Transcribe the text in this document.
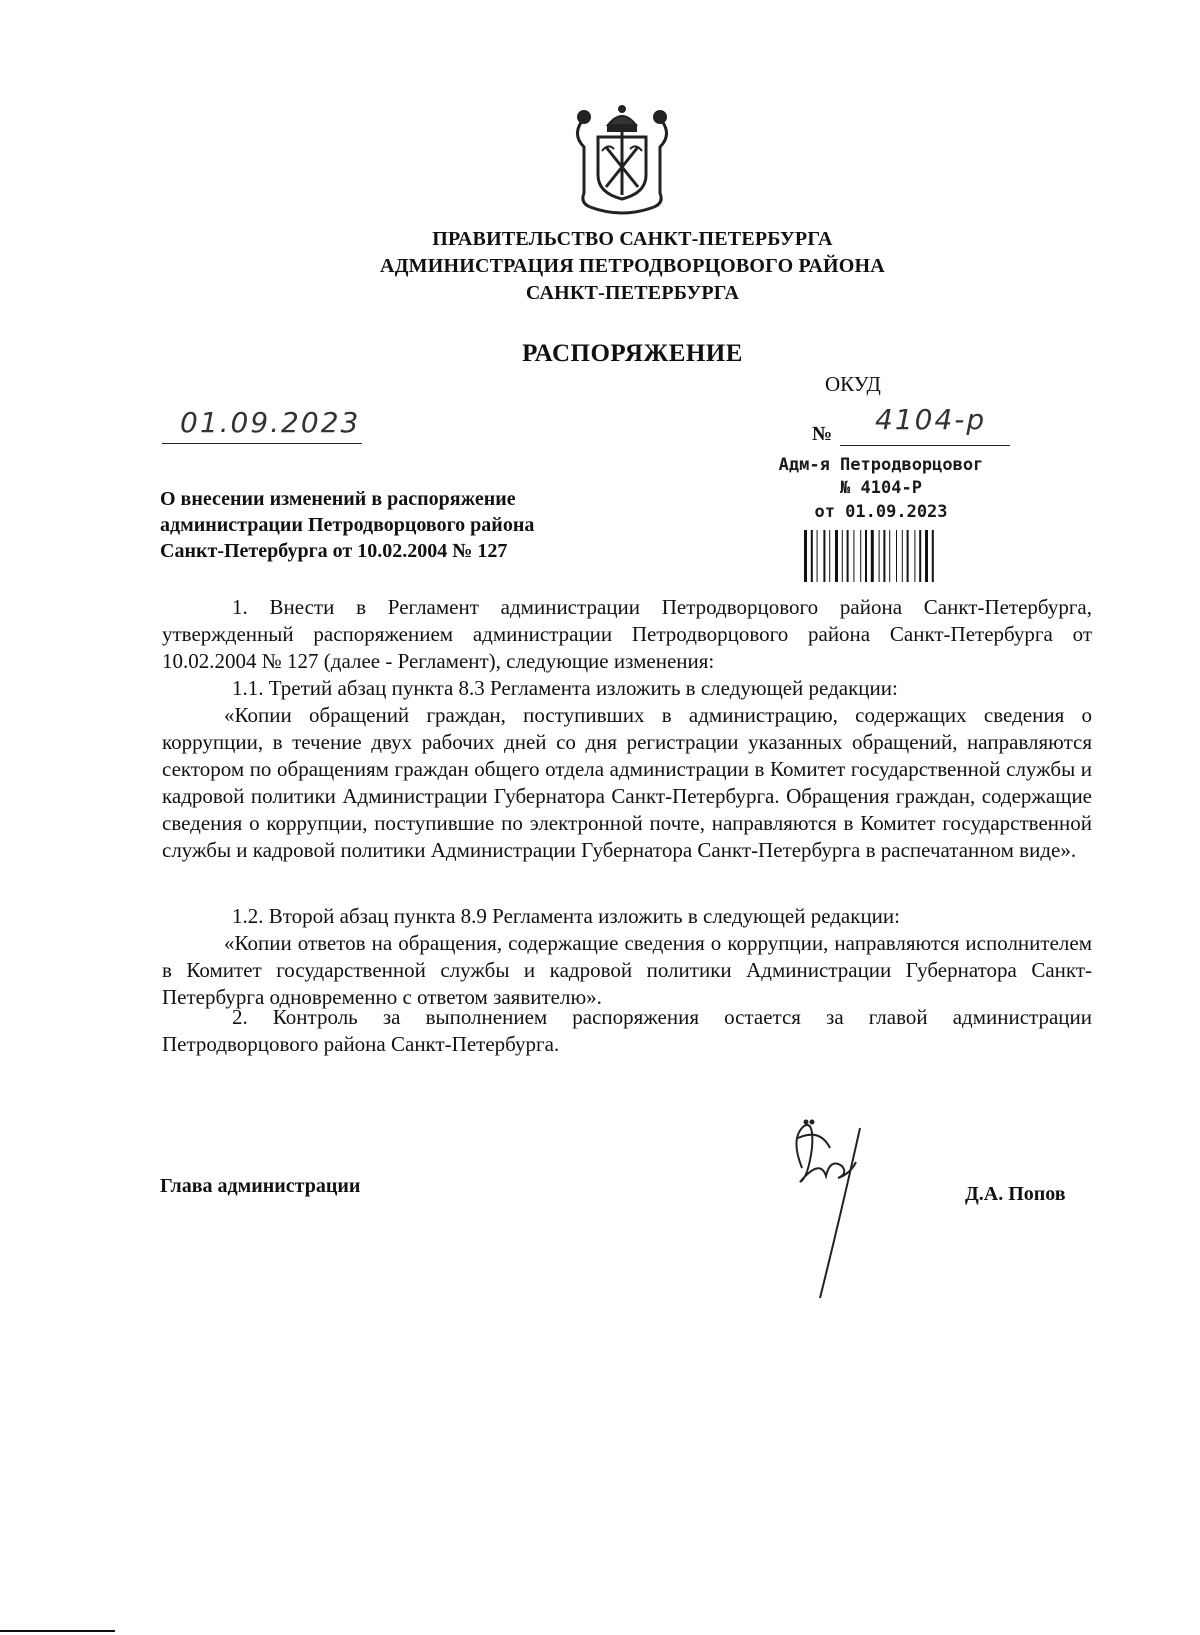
ПРАВИТЕЛЬСТВО САНКТ-ПЕТЕРБУРГА
АДМИНИСТРАЦИЯ ПЕТРОДВОРЦОВОГО РАЙОНА
САНКТ-ПЕТЕРБУРГА
РАСПОРЯЖЕНИЕ
ОКУД
01.09.2023	№ 4104-р
Адм-я Петродворцовог
№ 4104-Р
от 01.09.2023
О внесении изменений в распоряжение
администрации Петродворцового района
Санкт-Петербурга от 10.02.2004 № 127
1. Внести в Регламент администрации Петродворцового района Санкт-Петербурга, утвержденный распоряжением администрации Петродворцового района Санкт-Петербурга от 10.02.2004 № 127 (далее - Регламент), следующие изменения:
1.1. Третий абзац пункта 8.3 Регламента изложить в следующей редакции:
«Копии обращений граждан, поступивших в администрацию, содержащих сведения о коррупции, в течение двух рабочих дней со дня регистрации указанных обращений, направляются сектором по обращениям граждан общего отдела администрации в Комитет государственной службы и кадровой политики Администрации Губернатора Санкт-Петербурга. Обращения граждан, содержащие сведения о коррупции, поступившие по электронной почте, направляются в Комитет государственной службы и кадровой политики Администрации Губернатора Санкт-Петербурга в распечатанном виде».
1.2. Второй абзац пункта 8.9 Регламента изложить в следующей редакции:
«Копии ответов на обращения, содержащие сведения о коррупции, направляются исполнителем в Комитет государственной службы и кадровой политики Администрации Губернатора Санкт-Петербурга одновременно с ответом заявителю».
2. Контроль за выполнением распоряжения остается за главой администрации Петродворцового района Санкт-Петербурга.
Глава администрации	Д.А. Попов
